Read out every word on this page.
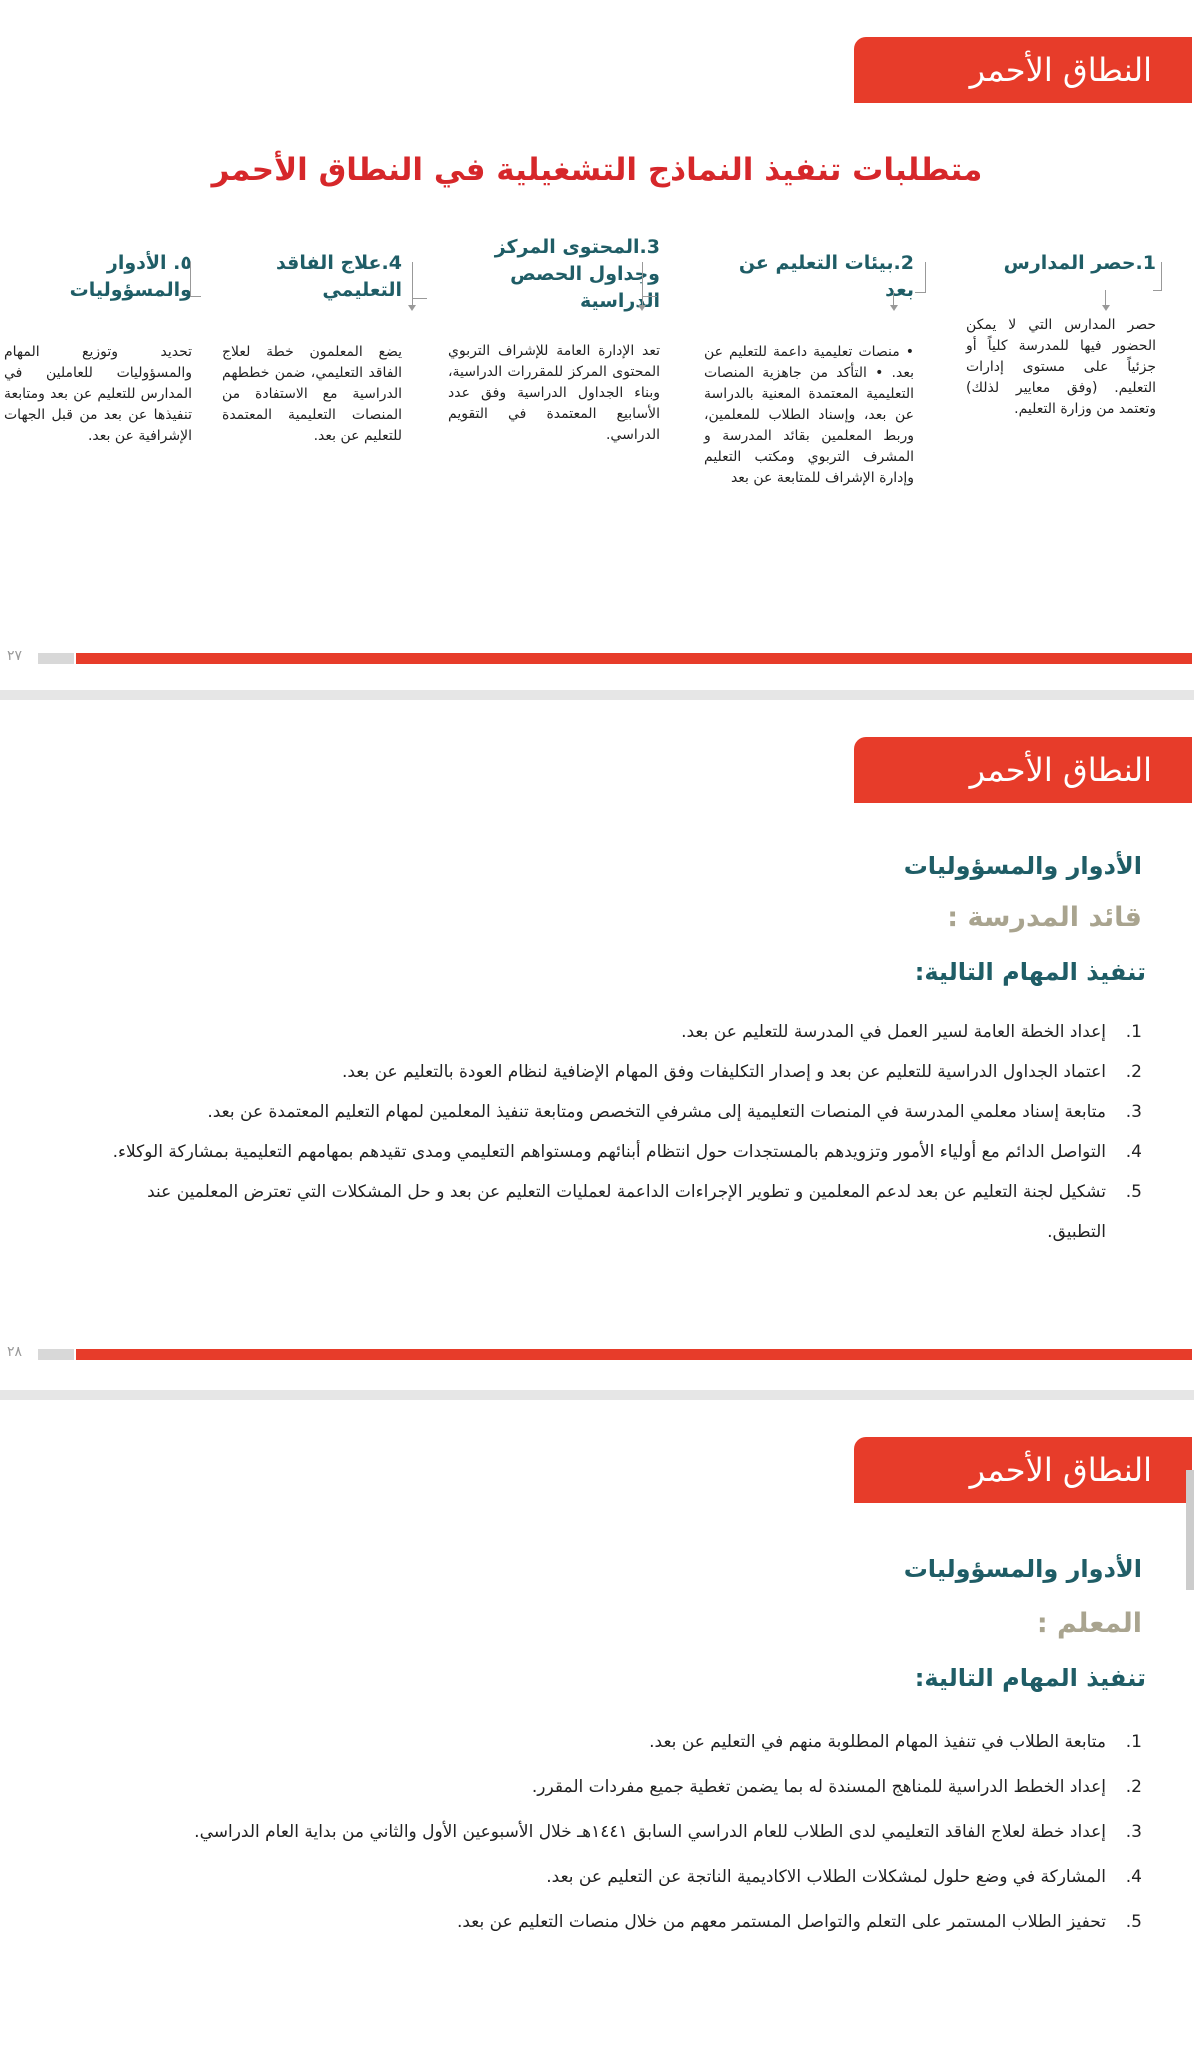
النطاق الأحمر
متطلبات تنفيذ النماذج التشغيلية في النطاق الأحمر
1.حصر المدارس
حصر المدارس التي لا يمكن الحضور فيها للمدرسة كلياً أو جزئياً على مستوى إدارات التعليم. (وفق معايير لذلك) وتعتمد من وزارة التعليم.
2.بيئات التعليم عن بعد
• منصات تعليمية داعمة للتعليم عن بعد. • التأكد من جاهزية المنصات التعليمية المعتمدة المعنية بالدراسة عن بعد، وإسناد الطلاب للمعلمين، وربط المعلمين بقائد المدرسة و المشرف التربوي ومكتب التعليم وإدارة الإشراف للمتابعة عن بعد
3.المحتوى المركز وجداول الحصص الدراسية
تعد الإدارة العامة للإشراف التربوي المحتوى المركز للمقررات الدراسية، وبناء الجداول الدراسية وفق عدد الأسابيع المعتمدة في التقويم الدراسي.
4.علاج الفاقد التعليمي
يضع المعلمون خطة لعلاج الفاقد التعليمي، ضمن خططهم الدراسية مع الاستفادة من المنصات التعليمية المعتمدة للتعليم عن بعد.
٥. الأدوار والمسؤوليات
تحديد وتوزيع المهام والمسؤوليات للعاملين في المدارس للتعليم عن بعد ومتابعة تنفيذها عن بعد من قبل الجهات الإشرافية عن بعد.
٢٧
النطاق الأحمر
الأدوار والمسؤوليات
قائد المدرسة :
تنفيذ المهام التالية:
1.
إعداد الخطة العامة لسير العمل في المدرسة للتعليم عن بعد.
2.
اعتماد الجداول الدراسية للتعليم عن بعد و إصدار التكليفات وفق المهام الإضافية لنظام العودة بالتعليم عن بعد.
3.
متابعة إسناد معلمي المدرسة في المنصات التعليمية إلى مشرفي التخصص ومتابعة تنفيذ المعلمين لمهام التعليم المعتمدة عن بعد.
4.
التواصل الدائم مع أولياء الأمور وتزويدهم بالمستجدات حول انتظام أبنائهم ومستواهم التعليمي ومدى تقيدهم بمهامهم التعليمية بمشاركة الوكلاء.
5.
تشكيل لجنة التعليم عن بعد لدعم المعلمين و تطوير الإجراءات الداعمة لعمليات التعليم عن بعد و حل المشكلات التي تعترض المعلمين عند التطبيق.
٢٨
النطاق الأحمر
الأدوار والمسؤوليات
المعلم :
تنفيذ المهام التالية:
1.
متابعة الطلاب في تنفيذ المهام المطلوبة منهم في التعليم عن بعد.
2.
إعداد الخطط الدراسية للمناهج المسندة له بما يضمن تغطية جميع مفردات المقرر.
3.
إعداد خطة لعلاج الفاقد التعليمي لدى الطلاب للعام الدراسي السابق ١٤٤١هـ خلال الأسبوعين الأول والثاني من بداية العام الدراسي.
4.
المشاركة في وضع حلول لمشكلات الطلاب الاكاديمية الناتجة عن التعليم عن بعد.
5.
تحفيز الطلاب المستمر على التعلم والتواصل المستمر معهم من خلال منصات التعليم عن بعد.
